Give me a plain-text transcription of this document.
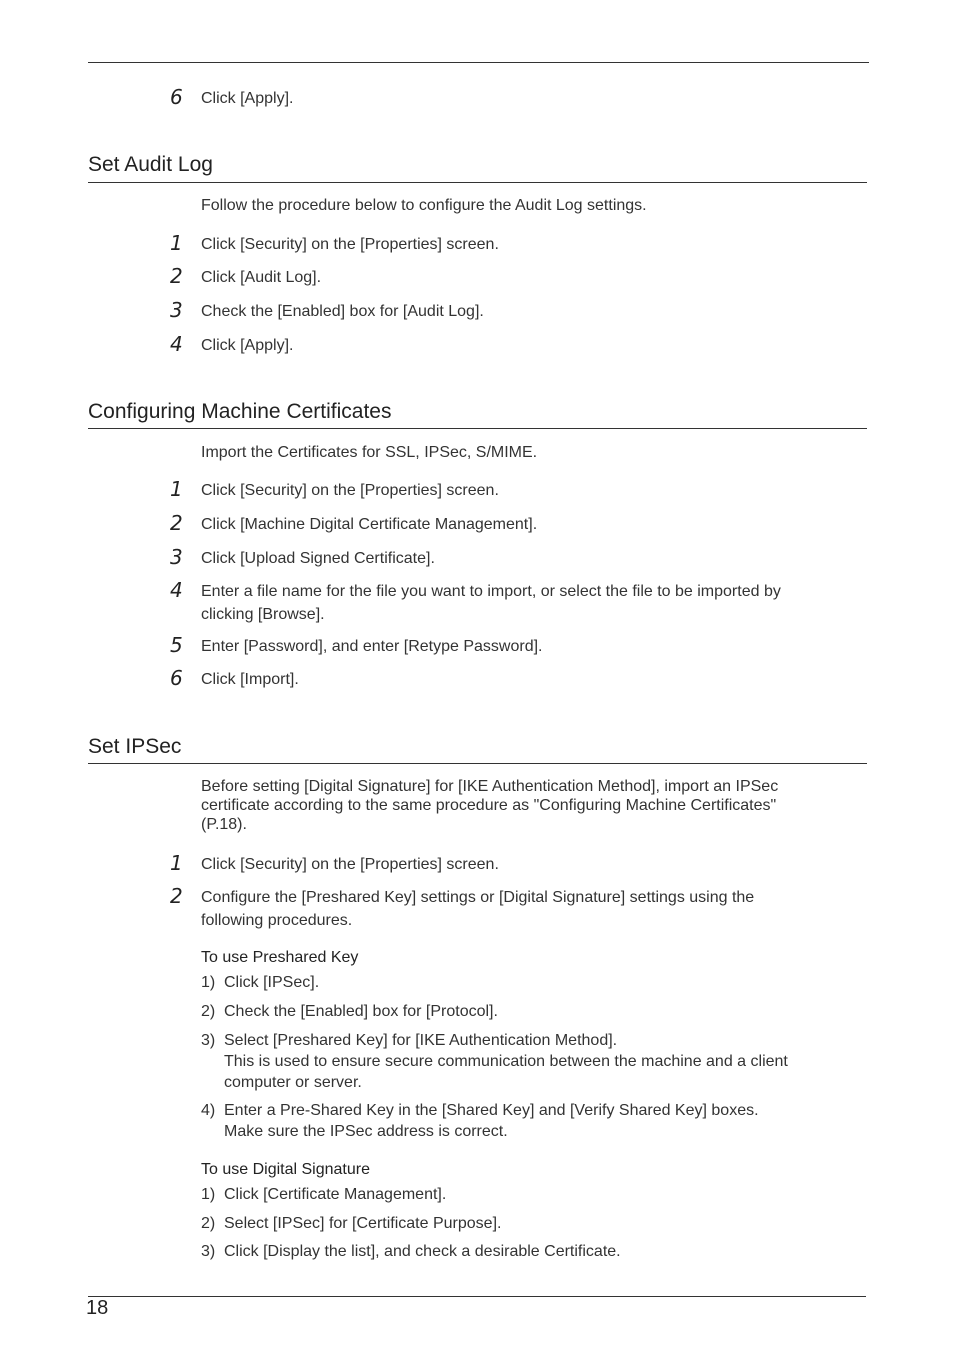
6	Click [Apply].
Set Audit Log
Follow the procedure below to configure the Audit Log settings.
1	Click [Security] on the [Properties] screen.
2	Click [Audit Log].
3	Check the [Enabled] box for [Audit Log].
4	Click [Apply].
Configuring Machine Certificates
Import the Certificates for SSL, IPSec, S/MIME.
1	Click [Security] on the [Properties] screen.
2	Click [Machine Digital Certificate Management].
3	Click [Upload Signed Certificate].
4	Enter a file name for the file you want to import, or select the file to be imported by
clicking [Browse].
5	Enter [Password], and enter [Retype Password].
6	Click [Import].
Set IPSec
Before setting [Digital Signature] for [IKE Authentication Method], import an IPSec
certificate according to the same procedure as "Configuring Machine Certificates"
(P.18).
1	Click [Security] on the [Properties] screen.
2	Configure the [Preshared Key] settings or [Digital Signature] settings using the
following procedures.
To use Preshared Key
1) Click [IPSec].
2) Check the [Enabled] box for [Protocol].
3) Select [Preshared Key] for [IKE Authentication Method].
This is used to ensure secure communication between the machine and a client
computer or server.
4) Enter a Pre-Shared Key in the [Shared Key] and [Verify Shared Key] boxes.
Make sure the IPSec address is correct.
To use Digital Signature
1) Click [Certificate Management].
2) Select [IPSec] for [Certificate Purpose].
3) Click [Display the list], and check a desirable Certificate.
18
